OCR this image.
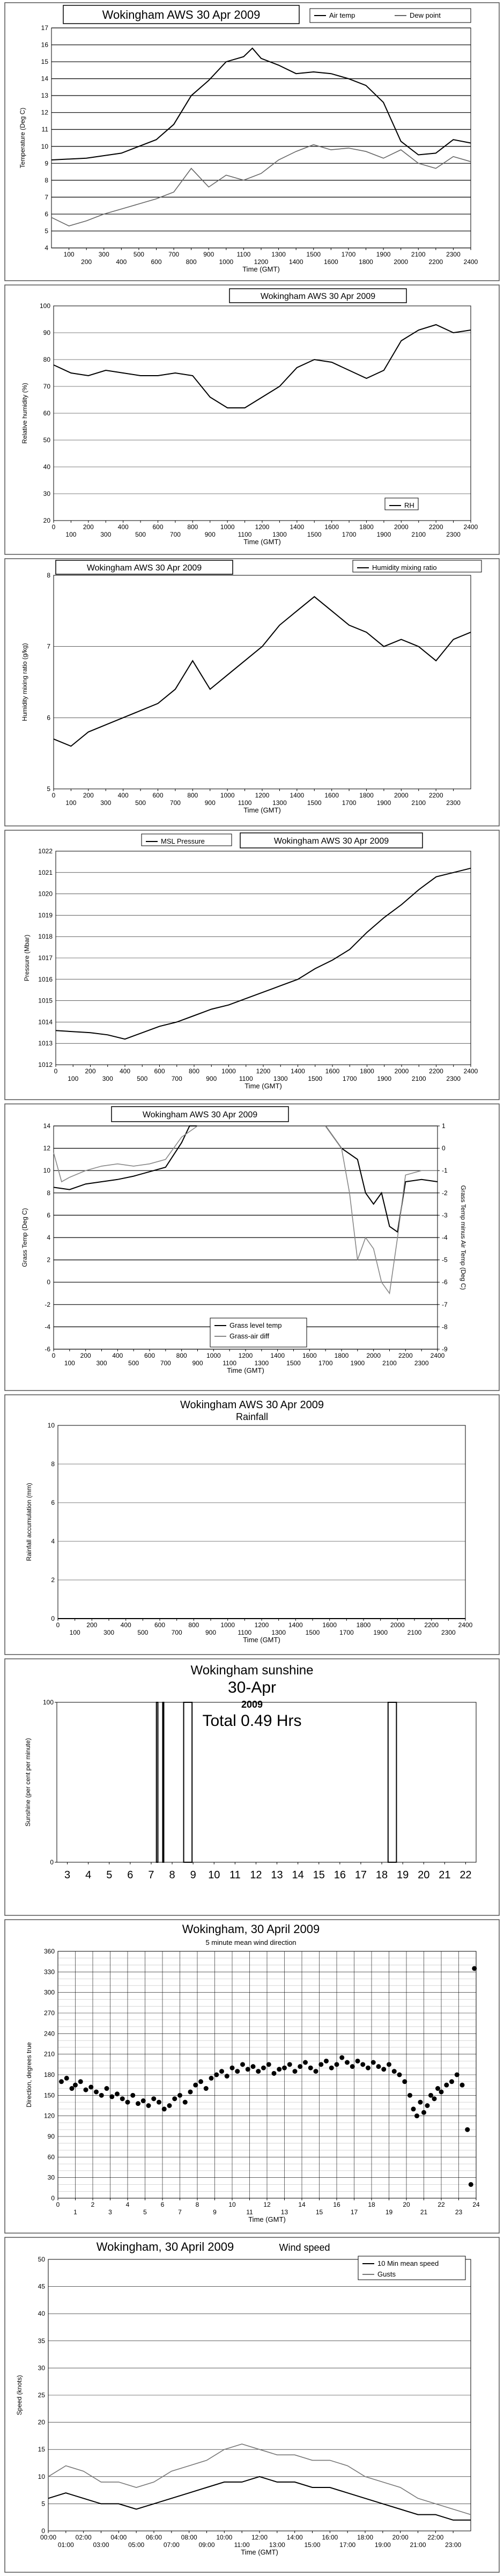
4
5
6
7
8
9
10
11
12
13
14
15
16
17
100
200
300
400
500
600
700
800
900
1000
1100
1200
1300
1400
1500
1600
1700
1800
1900
2000
2100
2200
2300
2400
Time (GMT)
Temperature (Deg C)
Wokingham AWS 30 Apr 2009	Air temp	Dew point
20
30
40
50
60
70
80
90
100
0
100
200
300
400
500
600
700
800
900
1000
1100
1200
1300
1400
1500
1600
1700
1800
1900
2000
2100
2200
2300
2400
Time (GMT)
Relative humidity (%)
Wokingham AWS 30 Apr 2009
RH
5
6
7
8
0
100
200
300
400
500
600
700
800
900
1000
1100
1200
1300
1400
1500
1600
1700
1800
1900
2000
2100
2200
2300
Time (GMT)
Humidity mixing ratio (g/kg)
Wokingham AWS 30 Apr 2009	Humidity mixing ratio
1012
1013
1014
1015
1016
1017
1018
1019
1020
1021
1022
0
100
200
300
400
500
600
700
800
900
1000
1100
1200
1300
1400
1500
1600
1700
1800
1900
2000
2100
2200
2300
2400
Time (GMT)
Pressure (Mbar)
Wokingham AWS 30 Apr 2009
MSL Pressure
-6
-4
-2
0
2
4
6
8
10
12
14
-9
-8
-7
-6
-5
-4
-3
-2
-1
0
1
Grass Temp minus Air Temp (Deg C)
0
100
200
300
400
500
600
700
800
900
1000
1100
1200
1300
1400
1500
1600
1700
1800
1900
2000
2100
2200
2300
2400
Time (GMT)
Grass Temp (Deg C)
Wokingham AWS 30 Apr 2009
Grass level temp
Grass-air diff
0
2
4
6
8
10
0
100
200
300
400
500
600
700
800
900
1000
1100
1200
1300
1400
1500
1600
1700
1800
1900
2000
2100
2200
2300
2400
Time (GMT)
Rainfall accumulation (mm)
Wokingham AWS 30 Apr 2009
Rainfall
0
100
3 4 5 6 7 8 9 10 11 12 13 14 15 16 17 18 19 20 21 22
Sunshine (per cent per minute)
Wokingham sunshine
30-Apr
2009
Total 0.49 Hrs
0
30
60
90
120
150
180
210
240
270
300
330
360
0
1
2
3
4
5
6
7
8
9
10
11
12
13
14
15
16
17
18
19
20
21
22
23
24
Time (GMT)
Direction, degrees true
Wokingham, 30 April 2009
5 minute mean wind direction
0
5
10
15
20
25
30
35
40
45
50
00:00	02:00	04:00	06:00	08:00	10:00	12:00	14:00	16:00	18:00	20:00	22:00
01:00	03:00	05:00	07:00	09:00	11:00	13:00	15:00	17:00	19:00	21:00	23:00
Time (GMT)
Speed (knots)
Wokingham, 30 April 2009	Wind speed
10 Min mean speed
Gusts
